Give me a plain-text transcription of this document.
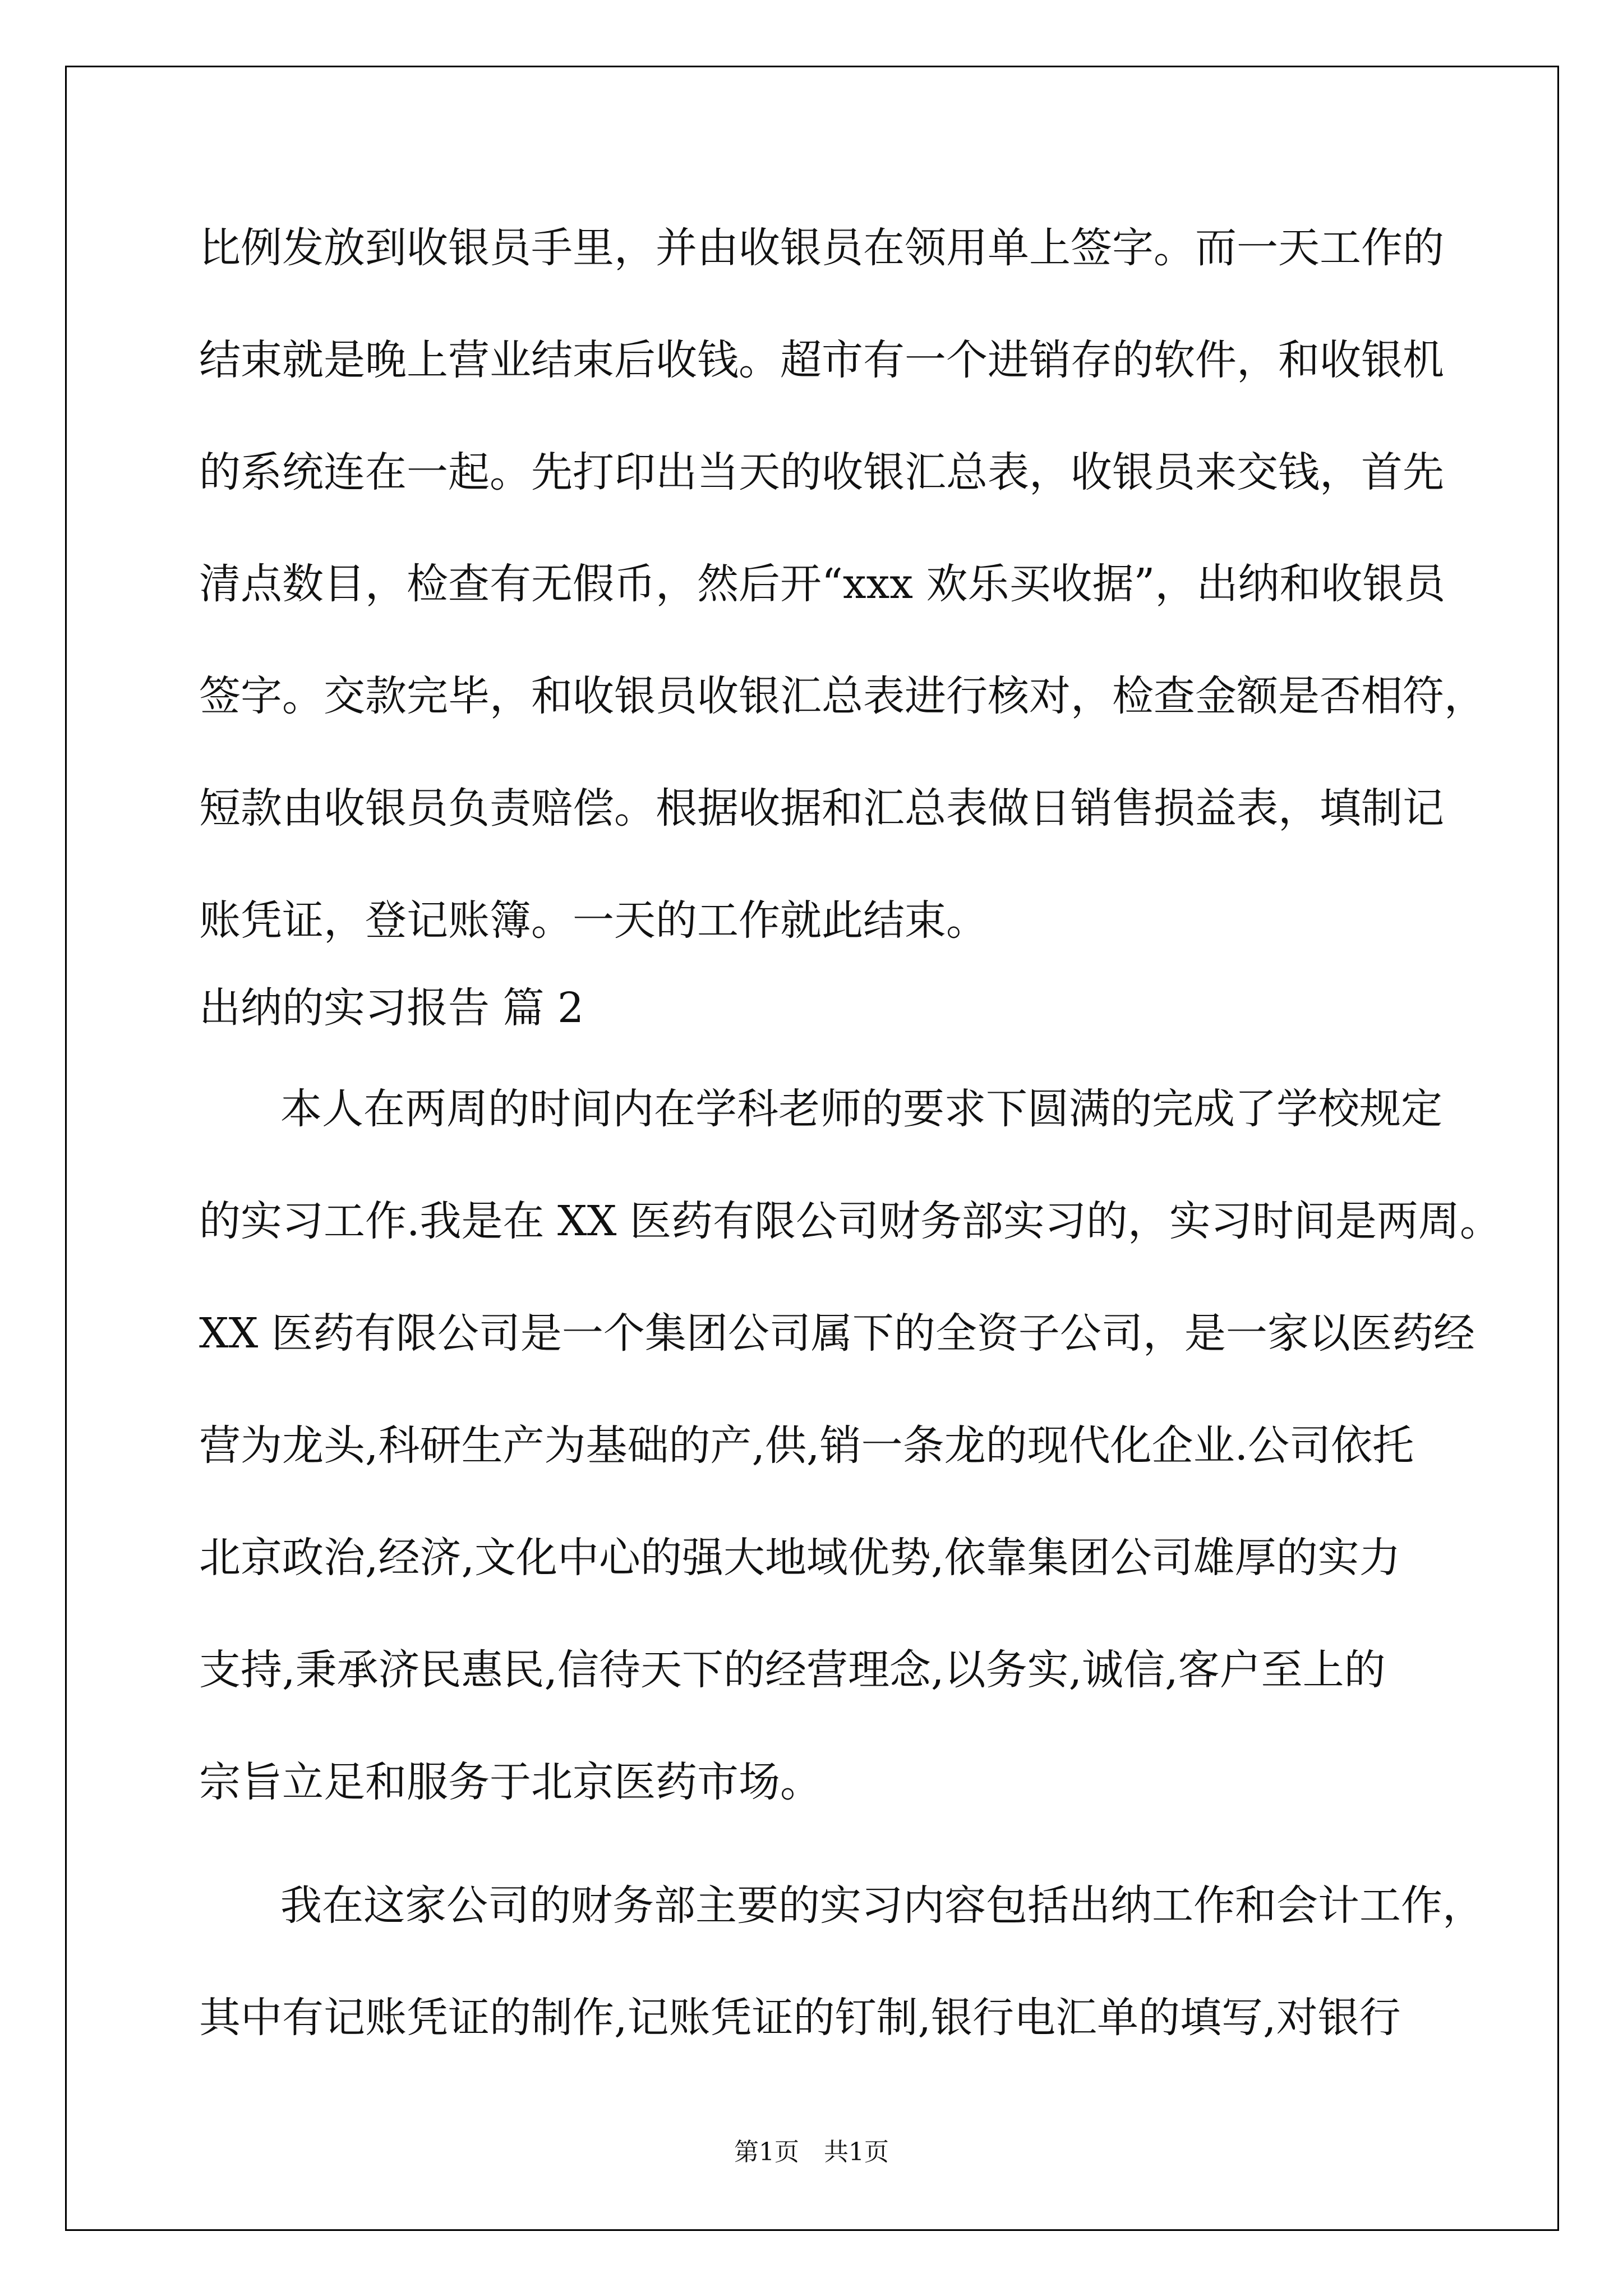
比例发放到收银员手里，并由收银员在领用单上签字。而一天工作的

结束就是晚上营业结束后收钱。超市有一个进销存的软件，和收银机

的系统连在一起。先打印出当天的收银汇总表，收银员来交钱，首先

清点数目，检查有无假币，然后开“xxx 欢乐买收据”，出纳和收银员

签字。交款完毕，和收银员收银汇总表进行核对，检查金额是否相符，

短款由收银员负责赔偿。根据收据和汇总表做日销售损益表，填制记

账凭证，登记账簿。一天的工作就此结束。

出纳的实习报告 篇 2

本人在两周的时间内在学科老师的要求下圆满的完成了学校规定

的实习工作.我是在 XX 医药有限公司财务部实习的，实习时间是两周。

XX 医药有限公司是一个集团公司属下的全资子公司，是一家以医药经

营为龙头,科研生产为基础的产,供,销一条龙的现代化企业.公司依托

北京政治,经济,文化中心的强大地域优势,依靠集团公司雄厚的实力

支持,秉承济民惠民,信待天下的经营理念,以务实,诚信,客户至上的

宗旨立足和服务于北京医药市场。

我在这家公司的财务部主要的实习内容包括出纳工作和会计工作，

其中有记账凭证的制作,记账凭证的钉制,银行电汇单的填写,对银行

第1页　共1页
